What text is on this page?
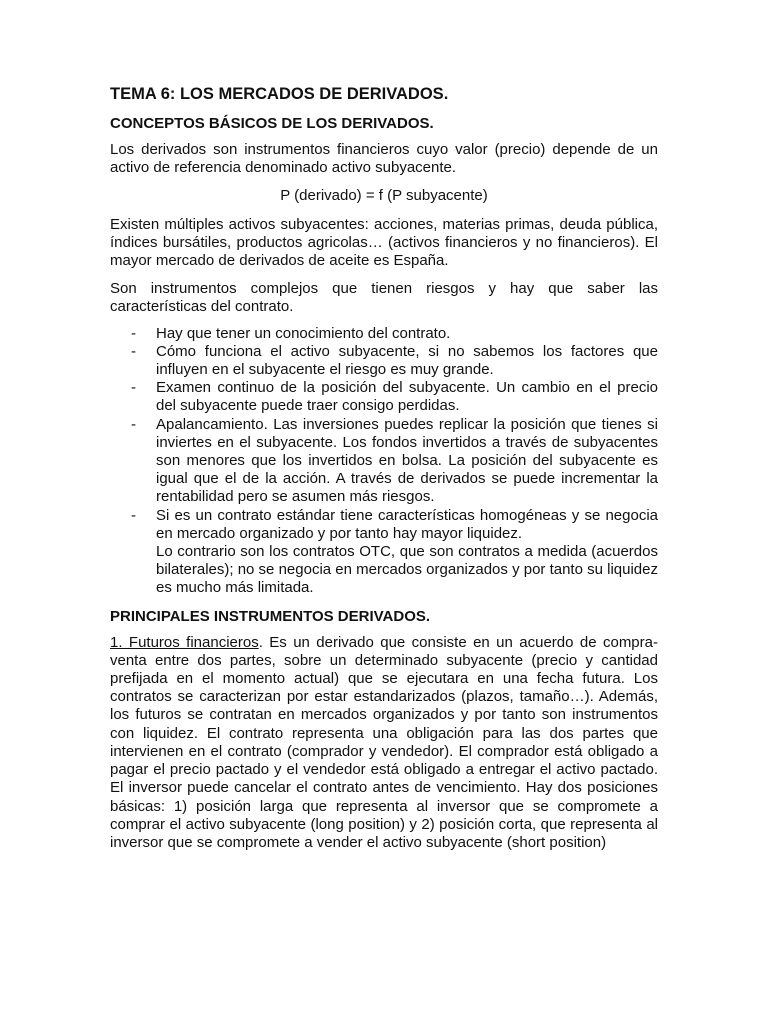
TEMA 6: LOS MERCADOS DE DERIVADOS.
CONCEPTOS BÁSICOS DE LOS DERIVADOS.

Los derivados son instrumentos financieros cuyo valor (precio) depende de un activo de referencia denominado activo subyacente.

P (derivado) = f (P subyacente)

Existen múltiples activos subyacentes: acciones, materias primas, deuda pública, índices bursátiles, productos agricolas… (activos financieros y no financieros). El mayor mercado de derivados de aceite es España.

Son instrumentos complejos que tienen riesgos y hay que saber las características del contrato.

- Hay que tener un conocimiento del contrato.
- Cómo funciona el activo subyacente, si no sabemos los factores que influyen en el subyacente el riesgo es muy grande.
- Examen continuo de la posición del subyacente. Un cambio en el precio del subyacente puede traer consigo perdidas.
- Apalancamiento. Las inversiones puedes replicar la posición que tienes si inviertes en el subyacente. Los fondos invertidos a través de subyacentes son menores que los invertidos en bolsa. La posición del subyacente es igual que el de la acción. A través de derivados se puede incrementar la rentabilidad pero se asumen más riesgos.
- Si es un contrato estándar tiene características homogéneas y se negocia en mercado organizado y por tanto hay mayor liquidez.
Lo contrario son los contratos OTC, que son contratos a medida (acuerdos bilaterales); no se negocia en mercados organizados y por tanto su liquidez es mucho más limitada.
PRINCIPALES INSTRUMENTOS DERIVADOS.

1. Futuros financieros. Es un derivado que consiste en un acuerdo de compra-venta entre dos partes, sobre un determinado subyacente (precio y cantidad prefijada en el momento actual) que se ejecutara en una fecha futura. Los contratos se caracterizan por estar estandarizados (plazos, tamaño…). Además, los futuros se contratan en mercados organizados y por tanto son instrumentos con liquidez. El contrato representa una obligación para las dos partes que intervienen en el contrato (comprador y vendedor). El comprador está obligado a pagar el precio pactado y el vendedor está obligado a entregar el activo pactado. El inversor puede cancelar el contrato antes de vencimiento. Hay dos posiciones básicas: 1) posición larga que representa al inversor que se compromete a comprar el activo subyacente (long position) y 2) posición corta, que representa al inversor que se compromete a vender el activo subyacente (short position)
